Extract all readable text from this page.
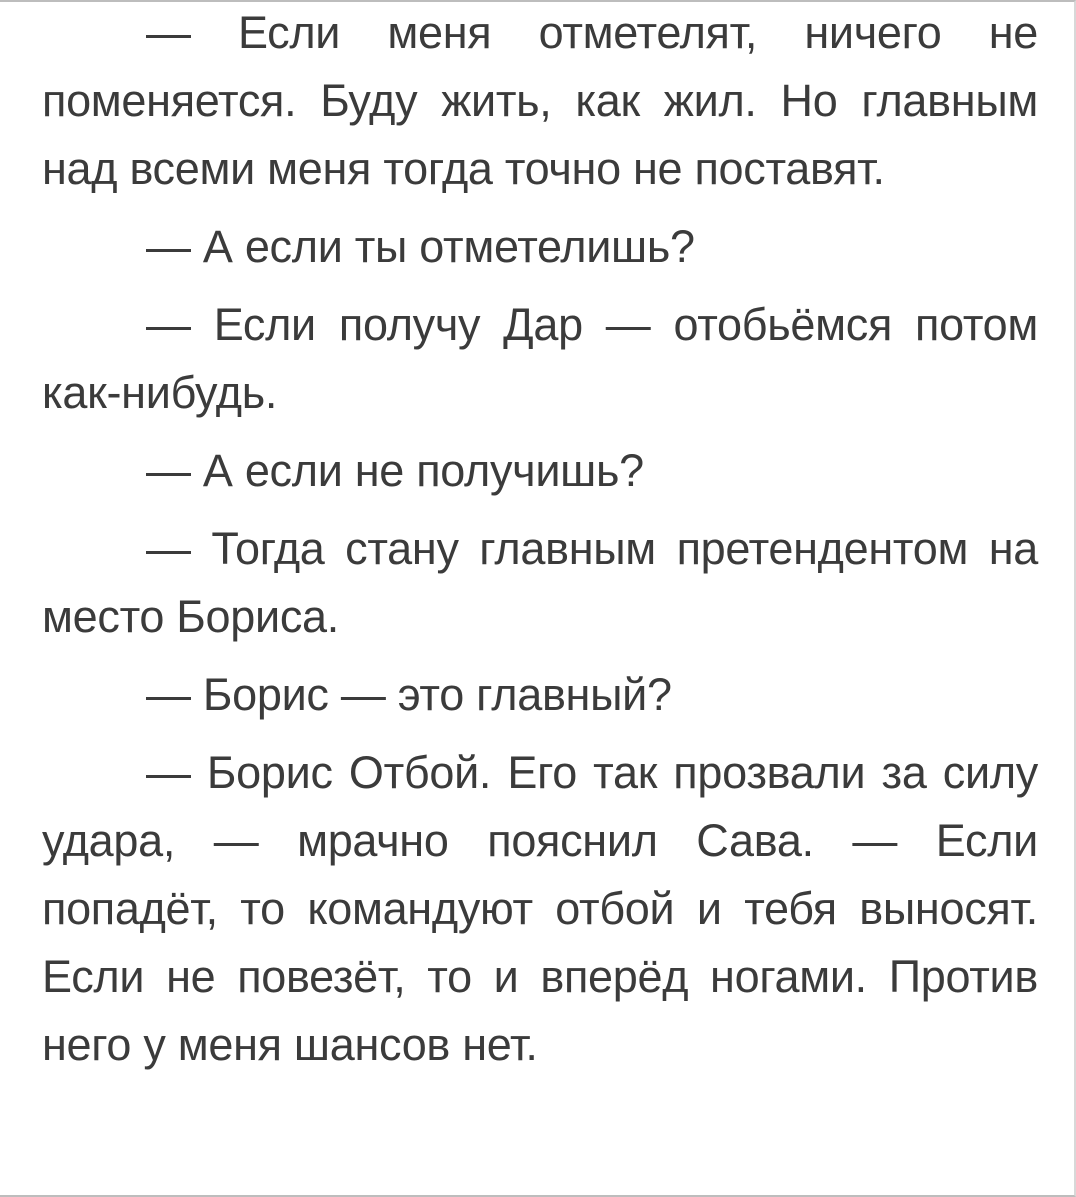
— Если меня отметелят, ничего не поменяется. Буду жить, как жил. Но главным над всеми меня тогда точно не поставят.

— А если ты отметелишь?

— Если получу Дар — отобьёмся потом как-нибудь.

— А если не получишь?

— Тогда стану главным претендентом на место Бориса.

— Борис — это главный?

— Борис Отбой. Его так прозвали за силу удара, — мрачно пояснил Сава. — Если попадёт, то командуют отбой и тебя выносят. Если не повезёт, то и вперёд ногами. Против него у меня шансов нет.
